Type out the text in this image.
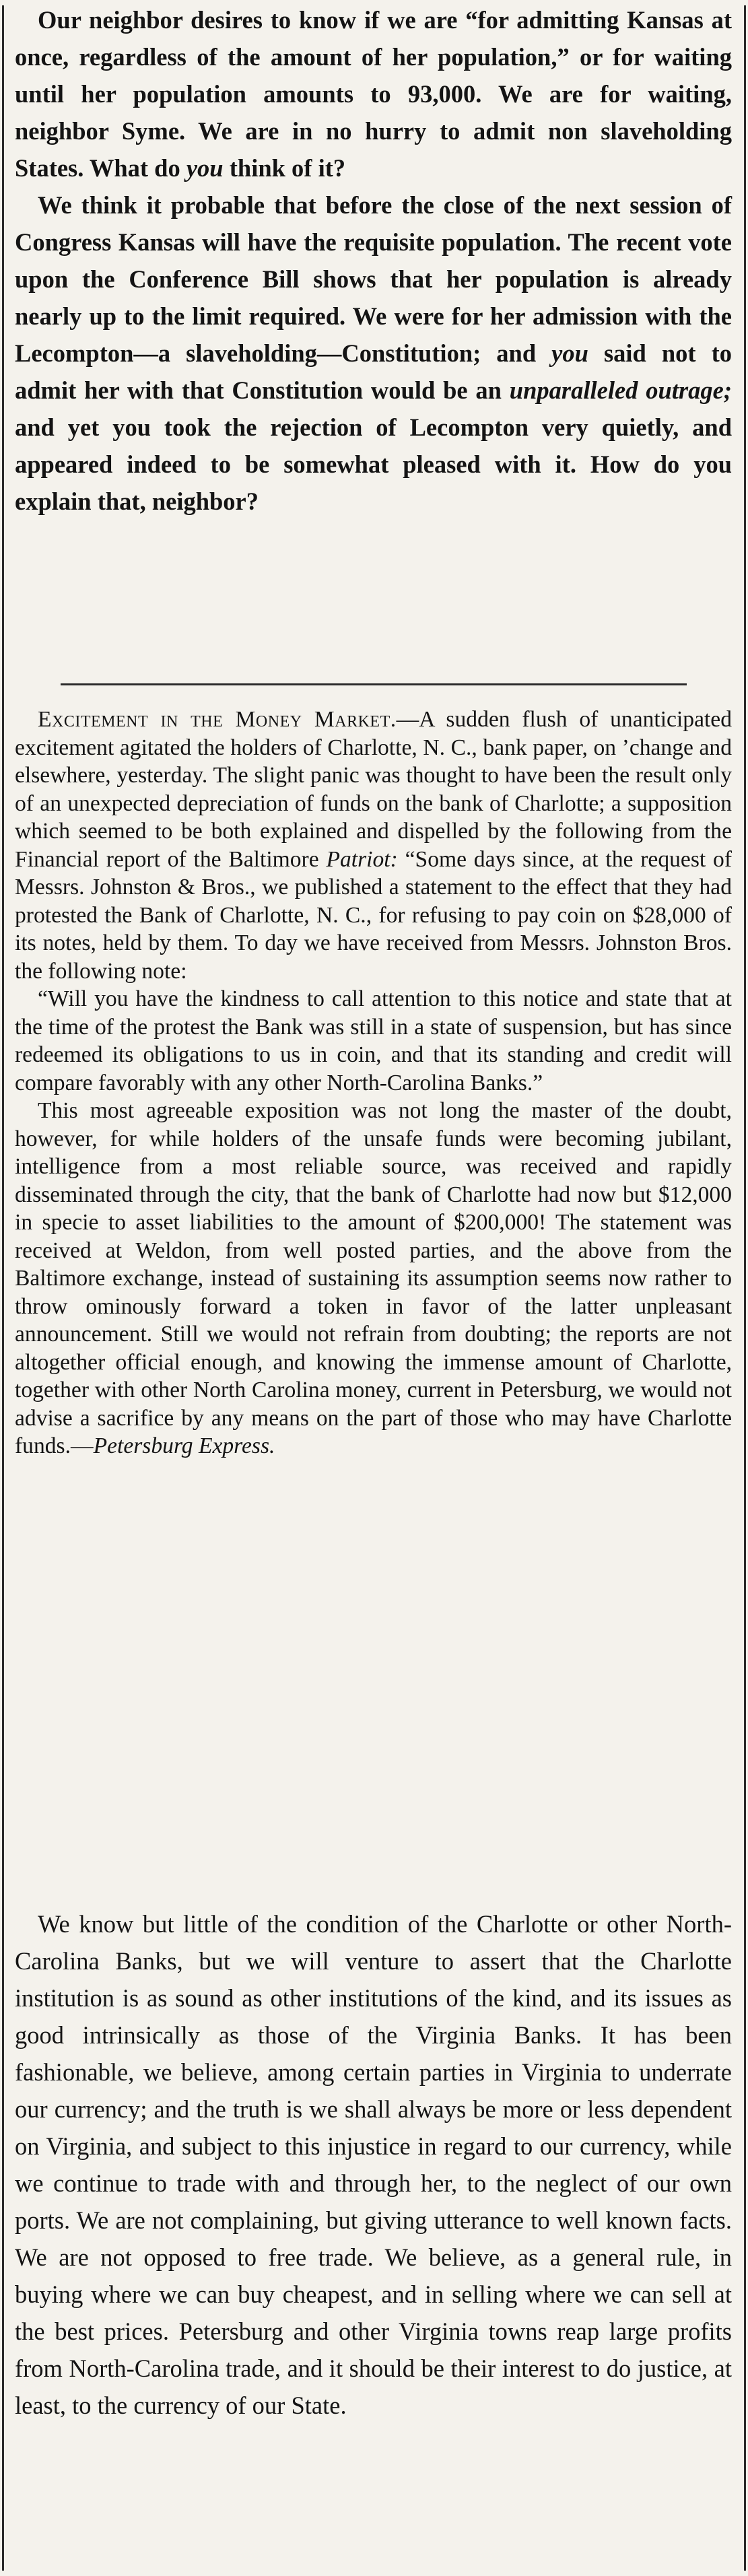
Our neighbor desires to know if we are “for admitting Kansas at once, regardless of the amount of her population,” or for waiting until her population amounts to 93,000. We are for waiting, neighbor Syme. We are in no hurry to admit non slaveholding States. What do you think of it?

We think it probable that before the close of the next session of Congress Kansas will have the requisite population. The recent vote upon the Conference Bill shows that her population is already nearly up to the limit required. We were for her admission with the Lecompton—a slaveholding—Constitution; and you said not to admit her with that Constitution would be an unparalleled outrage; and yet you took the rejection of Lecompton very quietly, and appeared indeed to be somewhat pleased with it. How do you explain that, neighbor?

Excitement in the Money Market.—A sudden flush of unanticipated excitement agitated the holders of Charlotte, N. C., bank paper, on ’change and elsewhere, yesterday. The slight panic was thought to have been the result only of an unexpected depreciation of funds on the bank of Charlotte; a supposition which seemed to be both explained and dispelled by the following from the Financial report of the Baltimore Patriot: “Some days since, at the request of Messrs. Johnston & Bros., we published a statement to the effect that they had protested the Bank of Charlotte, N. C., for refusing to pay coin on $28,000 of its notes, held by them. To day we have received from Messrs. Johnston Bros. the following note:

“Will you have the kindness to call attention to this notice and state that at the time of the protest the Bank was still in a state of suspension, but has since redeemed its obligations to us in coin, and that its standing and credit will compare favorably with any other North-Carolina Banks.”

This most agreeable exposition was not long the master of the doubt, however, for while holders of the unsafe funds were becoming jubilant, intelligence from a most reliable source, was received and rapidly disseminated through the city, that the bank of Charlotte had now but $12,000 in specie to asset liabilities to the amount of $200,000! The statement was received at Weldon, from well posted parties, and the above from the Baltimore exchange, instead of sustaining its assumption seems now rather to throw ominously forward a token in favor of the latter unpleasant announcement. Still we would not refrain from doubting; the reports are not altogether official enough, and knowing the immense amount of Charlotte, together with other North Carolina money, current in Petersburg, we would not advise a sacrifice by any means on the part of those who may have Charlotte funds.—Petersburg Express.

We know but little of the condition of the Charlotte or other North-Carolina Banks, but we will venture to assert that the Charlotte institution is as sound as other institutions of the kind, and its issues as good intrinsically as those of the Virginia Banks. It has been fashionable, we believe, among certain parties in Virginia to underrate our currency; and the truth is we shall always be more or less dependent on Virginia, and subject to this injustice in regard to our currency, while we continue to trade with and through her, to the neglect of our own ports. We are not complaining, but giving utterance to well known facts. We are not opposed to free trade. We believe, as a general rule, in buying where we can buy cheapest, and in selling where we can sell at the best prices. Petersburg and other Virginia towns reap large profits from North-Carolina trade, and it should be their interest to do justice, at least, to the currency of our State.
